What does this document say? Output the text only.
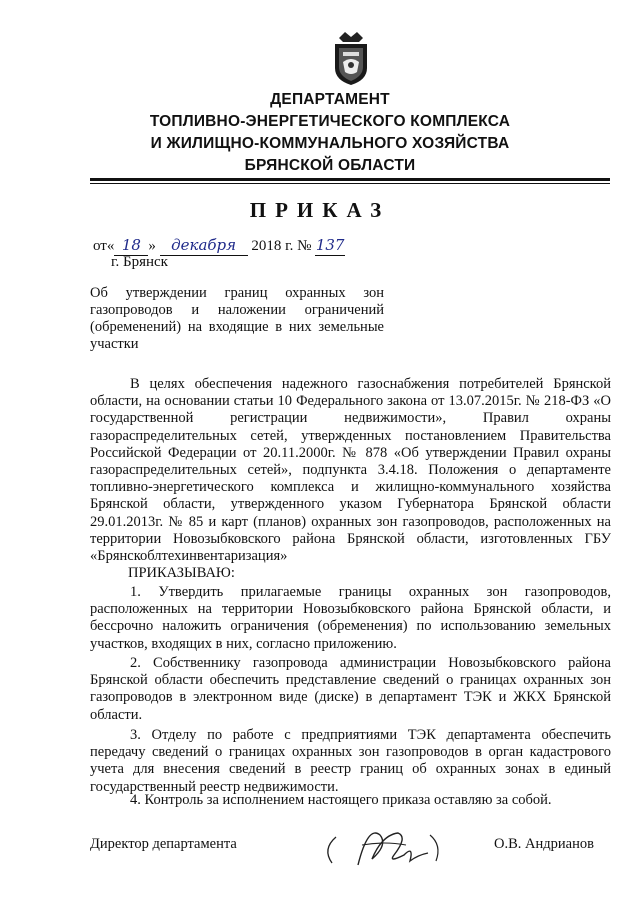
ДЕПАРТАМЕНТ
ТОПЛИВНО-ЭНЕРГЕТИЧЕСКОГО КОМПЛЕКСА
И ЖИЛИЩНО-КОММУНАЛЬНОГО ХОЗЯЙСТВА
БРЯНСКОЙ ОБЛАСТИ
ПРИКАЗ
от« 18 » декабря 2018 г. № 137
г. Брянск
Об утверждении границ охранных зон газопроводов и наложении ограничений (обременений) на входящие в них земельные участки
В целях обеспечения надежного газоснабжения потребителей Брянской области, на основании статьи 10 Федерального закона от 13.07.2015г. № 218-ФЗ «О государственной регистрации недвижимости», Правил охраны газораспределительных сетей, утвержденных постановлением Правительства Российской Федерации от 20.11.2000г. № 878 «Об утверждении Правил охраны газораспределительных сетей», подпункта 3.4.18. Положения о департаменте топливно-энергетического комплекса и жилищно-коммунального хозяйства Брянской области, утвержденного указом Губернатора Брянской области 29.01.2013г. № 85 и карт (планов) охранных зон газопроводов, расположенных на территории Новозыбковского района Брянской области, изготовленных ГБУ «Брянскоблтехинвентаризация»
ПРИКАЗЫВАЮ:
1. Утвердить прилагаемые границы охранных зон газопроводов, расположенных на территории Новозыбковского района Брянской области, и бессрочно наложить ограничения (обременения) по использованию земельных участков, входящих в них, согласно приложению.
2. Собственнику газопровода администрации Новозыбковского района Брянской области обеспечить представление сведений о границах охранных зон газопроводов в электронном виде (диске) в департамент ТЭК и ЖКХ Брянской области.
3. Отделу по работе с предприятиями ТЭК департамента обеспечить передачу сведений о границах охранных зон газопроводов в орган кадастрового учета для внесения сведений в реестр границ об охранных зонах в единый государственный реестр недвижимости.
4. Контроль за исполнением настоящего приказа оставляю за собой.
Директор департамента	О.В. Андрианов
